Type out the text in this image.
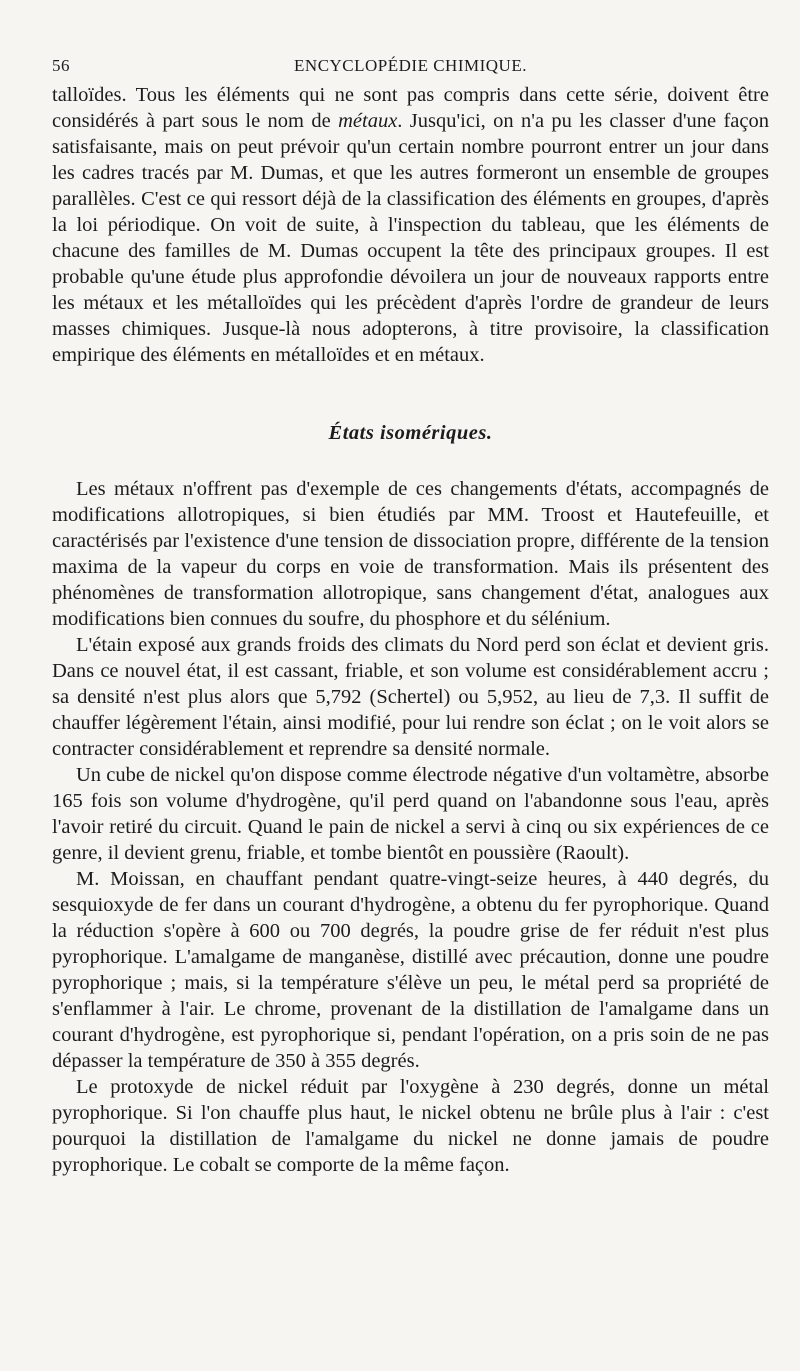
56	ENCYCLOPÉDIE CHIMIQUE.

talloïdes. Tous les éléments qui ne sont pas compris dans cette série, doivent être considérés à part sous le nom de métaux. Jusqu'ici, on n'a pu les classer d'une façon satisfaisante, mais on peut prévoir qu'un certain nombre pourront entrer un jour dans les cadres tracés par M. Dumas, et que les autres formeront un ensemble de groupes parallèles. C'est ce qui ressort déjà de la classification des éléments en groupes, d'après la loi périodique. On voit de suite, à l'inspection du tableau, que les éléments de chacune des familles de M. Dumas occupent la tête des principaux groupes. Il est probable qu'une étude plus approfondie dévoilera un jour de nouveaux rapports entre les métaux et les métalloïdes qui les précèdent d'après l'ordre de grandeur de leurs masses chimiques. Jusque-là nous adopterons, à titre provisoire, la classification empirique des éléments en métalloïdes et en métaux.

États isomériques.

Les métaux n'offrent pas d'exemple de ces changements d'états, accompagnés de modifications allotropiques, si bien étudiés par MM. Troost et Hautefeuille, et caractérisés par l'existence d'une tension de dissociation propre, différente de la tension maxima de la vapeur du corps en voie de transformation. Mais ils présentent des phénomènes de transformation allotropique, sans changement d'état, analogues aux modifications bien connues du soufre, du phosphore et du sélénium.

L'étain exposé aux grands froids des climats du Nord perd son éclat et devient gris. Dans ce nouvel état, il est cassant, friable, et son volume est considérablement accru ; sa densité n'est plus alors que 5,792 (Schertel) ou 5,952, au lieu de 7,3. Il suffit de chauffer légèrement l'étain, ainsi modifié, pour lui rendre son éclat ; on le voit alors se contracter considérablement et reprendre sa densité normale.

Un cube de nickel qu'on dispose comme électrode négative d'un voltamètre, absorbe 165 fois son volume d'hydrogène, qu'il perd quand on l'abandonne sous l'eau, après l'avoir retiré du circuit. Quand le pain de nickel a servi à cinq ou six expériences de ce genre, il devient grenu, friable, et tombe bientôt en poussière (Raoult).

M. Moissan, en chauffant pendant quatre-vingt-seize heures, à 440 degrés, du sesquioxyde de fer dans un courant d'hydrogène, a obtenu du fer pyrophorique. Quand la réduction s'opère à 600 ou 700 degrés, la poudre grise de fer réduit n'est plus pyrophorique. L'amalgame de manganèse, distillé avec précaution, donne une poudre pyrophorique ; mais, si la température s'élève un peu, le métal perd sa propriété de s'enflammer à l'air. Le chrome, provenant de la distillation de l'amalgame dans un courant d'hydrogène, est pyrophorique si, pendant l'opération, on a pris soin de ne pas dépasser la température de 350 à 355 degrés.

Le protoxyde de nickel réduit par l'oxygène à 230 degrés, donne un métal pyrophorique. Si l'on chauffe plus haut, le nickel obtenu ne brûle plus à l'air : c'est pourquoi la distillation de l'amalgame du nickel ne donne jamais de poudre pyrophorique. Le cobalt se comporte de la même façon.
